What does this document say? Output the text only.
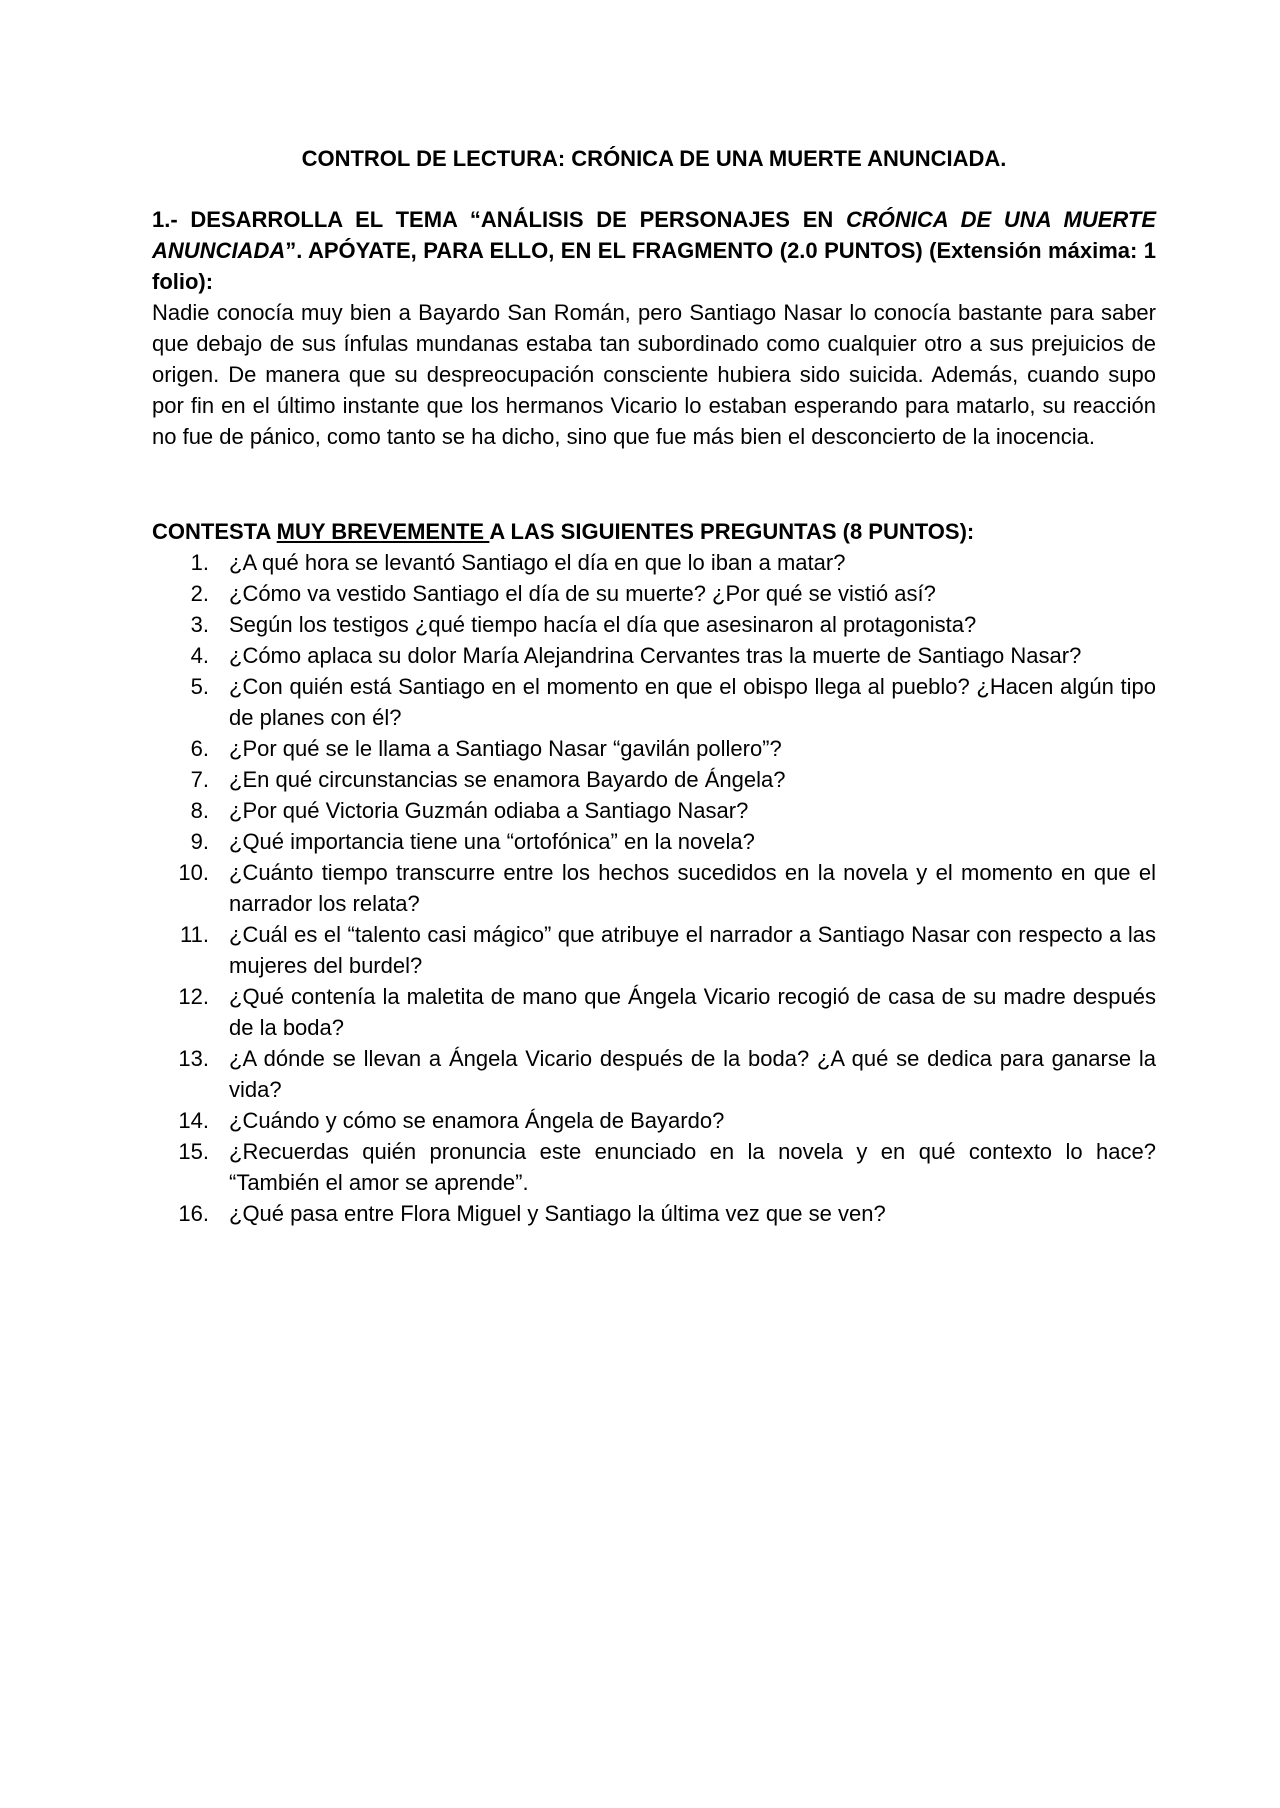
CONTROL DE LECTURA: CRÓNICA DE UNA MUERTE ANUNCIADA.

1.- DESARROLLA EL TEMA “ANÁLISIS DE PERSONAJES EN CRÓNICA DE UNA MUERTE ANUNCIADA”. APÓYATE, PARA ELLO, EN EL FRAGMENTO (2.0 PUNTOS) (Extensión máxima: 1 folio):

Nadie conocía muy bien a Bayardo San Román, pero Santiago Nasar lo conocía bastante para saber que debajo de sus ínfulas mundanas estaba tan subordinado como cualquier otro a sus prejuicios de origen. De manera que su despreocupación consciente hubiera sido suicida. Además, cuando supo por fin en el último instante que los hermanos Vicario lo estaban esperando para matarlo, su reacción no fue de pánico, como tanto se ha dicho, sino que fue más bien el desconcierto de la inocencia.

CONTESTA MUY BREVEMENTE A LAS SIGUIENTES PREGUNTAS (8 PUNTOS):

1. ¿A qué hora se levantó Santiago el día en que lo iban a matar?
2. ¿Cómo va vestido Santiago el día de su muerte? ¿Por qué se vistió así?
3. Según los testigos ¿qué tiempo hacía el día que asesinaron al protagonista?
4. ¿Cómo aplaca su dolor María Alejandrina Cervantes tras la muerte de Santiago Nasar?
5. ¿Con quién está Santiago en el momento en que el obispo llega al pueblo? ¿Hacen algún tipo de planes con él?
6. ¿Por qué se le llama a Santiago Nasar “gavilán pollero”?
7. ¿En qué circunstancias se enamora Bayardo de Ángela?
8. ¿Por qué Victoria Guzmán odiaba a Santiago Nasar?
9. ¿Qué importancia tiene una “ortofónica” en la novela?
10. ¿Cuánto tiempo transcurre entre los hechos sucedidos en la novela y el momento en que el narrador los relata?
11. ¿Cuál es el “talento casi mágico” que atribuye el narrador a Santiago Nasar con respecto a las mujeres del burdel?
12. ¿Qué contenía la maletita de mano que Ángela Vicario recogió de casa de su madre después de la boda?
13. ¿A dónde se llevan a Ángela Vicario después de la boda? ¿A qué se dedica para ganarse la vida?
14. ¿Cuándo y cómo se enamora Ángela de Bayardo?
15. ¿Recuerdas quién pronuncia este enunciado en la novela y en qué contexto lo hace? “También el amor se aprende”.
16. ¿Qué pasa entre Flora Miguel y Santiago la última vez que se ven?
